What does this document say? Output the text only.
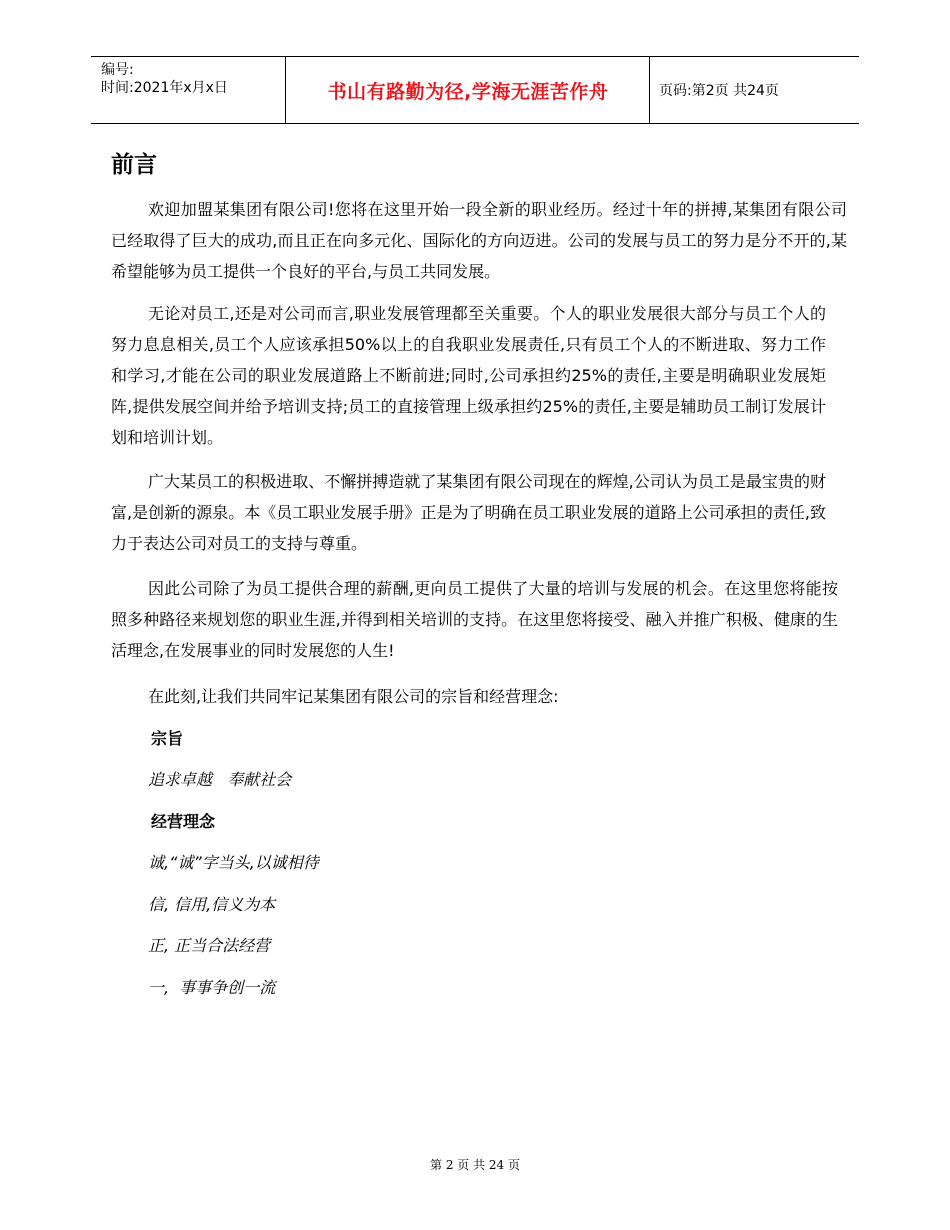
编号:
时间:2021年x月x日	书山有路勤为径,学海无涯苦作舟	页码:第2页 共24页
前言
欢迎加盟某集团有限公司!您将在这里开始一段全新的职业经历。经过十年的拼搏,某集团有限公司已经取得了巨大的成功,而且正在向多元化、国际化的方向迈进。公司的发展与员工的努力是分不开的,某希望能够为员工提供一个良好的平台,与员工共同发展。
无论对员工,还是对公司而言,职业发展管理都至关重要。个人的职业发展很大部分与员工个人的努力息息相关,员工个人应该承担50%以上的自我职业发展责任,只有员工个人的不断进取、努力工作和学习,才能在公司的职业发展道路上不断前进;同时,公司承担约25%的责任,主要是明确职业发展矩阵,提供发展空间并给予培训支持;员工的直接管理上级承担约25%的责任,主要是辅助员工制订发展计划和培训计划。
广大某员工的积极进取、不懈拼搏造就了某集团有限公司现在的辉煌,公司认为员工是最宝贵的财富,是创新的源泉。本《员工职业发展手册》正是为了明确在员工职业发展的道路上公司承担的责任,致力于表达公司对员工的支持与尊重。
因此公司除了为员工提供合理的薪酬,更向员工提供了大量的培训与发展的机会。在这里您将能按照多种路径来规划您的职业生涯,并得到相关培训的支持。在这里您将接受、融入并推广积极、健康的生活理念,在发展事业的同时发展您的人生!
在此刻,让我们共同牢记某集团有限公司的宗旨和经营理念:
宗旨
追求卓越   奉献社会
经营理念
诚,“诚”字当头,以诚相待
信, 信用,信义为本
正, 正当合法经营
一,  事事争创一流
第 2 页 共 24 页
